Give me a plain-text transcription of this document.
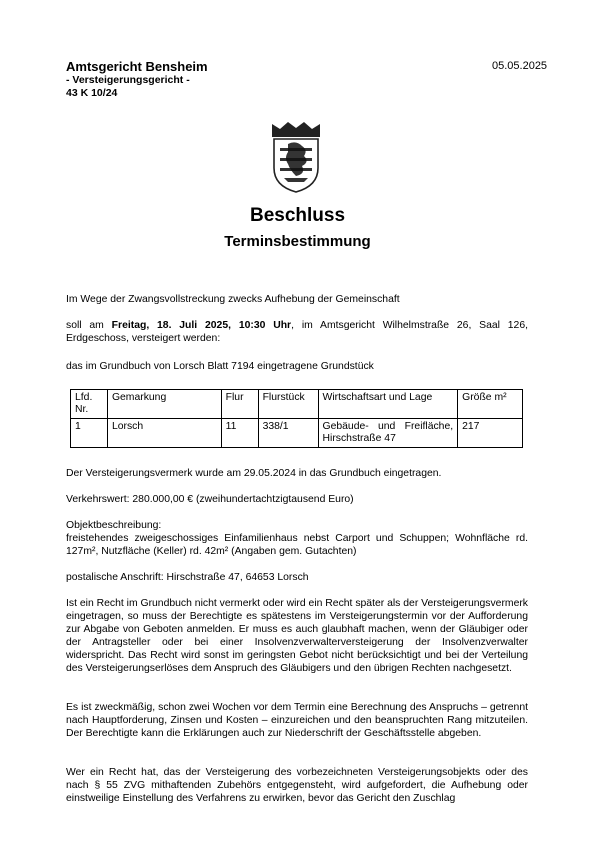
Amtsgericht Bensheim
- Versteigerungsgericht -
43 K 10/24
05.05.2025
Beschluss
Terminsbestimmung
Im Wege der Zwangsvollstreckung zwecks Aufhebung der Gemeinschaft
soll am Freitag, 18. Juli 2025, 10:30 Uhr, im Amtsgericht Wilhelmstraße 26, Saal 126, Erdgeschoss, versteigert werden:
das im Grundbuch von Lorsch Blatt 7194 eingetragene Grundstück
Lfd. Nr.	Gemarkung	Flur	Flurstück	Wirtschaftsart und Lage	Größe m²
1	Lorsch	11	338/1	Gebäude- und Freifläche, Hirschstraße 47	217
Der Versteigerungsvermerk wurde am 29.05.2024 in das Grundbuch eingetragen.
Verkehrswert: 280.000,00 € (zweihundertachtzigtausend Euro)
Objektbeschreibung:
freistehendes zweigeschossiges Einfamilienhaus nebst Carport und Schuppen; Wohnfläche rd. 127m², Nutzfläche (Keller) rd. 42m² (Angaben gem. Gutachten)
postalische Anschrift: Hirschstraße 47, 64653 Lorsch
Ist ein Recht im Grundbuch nicht vermerkt oder wird ein Recht später als der Versteigerungsvermerk eingetragen, so muss der Berechtigte es spätestens im Versteigerungstermin vor der Aufforderung zur Abgabe von Geboten anmelden. Er muss es auch glaubhaft machen, wenn der Gläubiger oder der Antragsteller oder bei einer Insolvenzverwalterversteigerung der Insolvenzverwalter widerspricht. Das Recht wird sonst im geringsten Gebot nicht berücksichtigt und bei der Verteilung des Versteigerungserlöses dem Anspruch des Gläubigers und den übrigen Rechten nachgesetzt.
Es ist zweckmäßig, schon zwei Wochen vor dem Termin eine Berechnung des Anspruchs – getrennt nach Hauptforderung, Zinsen und Kosten – einzureichen und den beanspruchten Rang mitzuteilen. Der Berechtigte kann die Erklärungen auch zur Niederschrift der Geschäftsstelle abgeben.
Wer ein Recht hat, das der Versteigerung des vorbezeichneten Versteigerungsobjekts oder des nach § 55 ZVG mithaftenden Zubehörs entgegensteht, wird aufgefordert, die Aufhebung oder einstweilige Einstellung des Verfahrens zu erwirken, bevor das Gericht den Zuschlag
